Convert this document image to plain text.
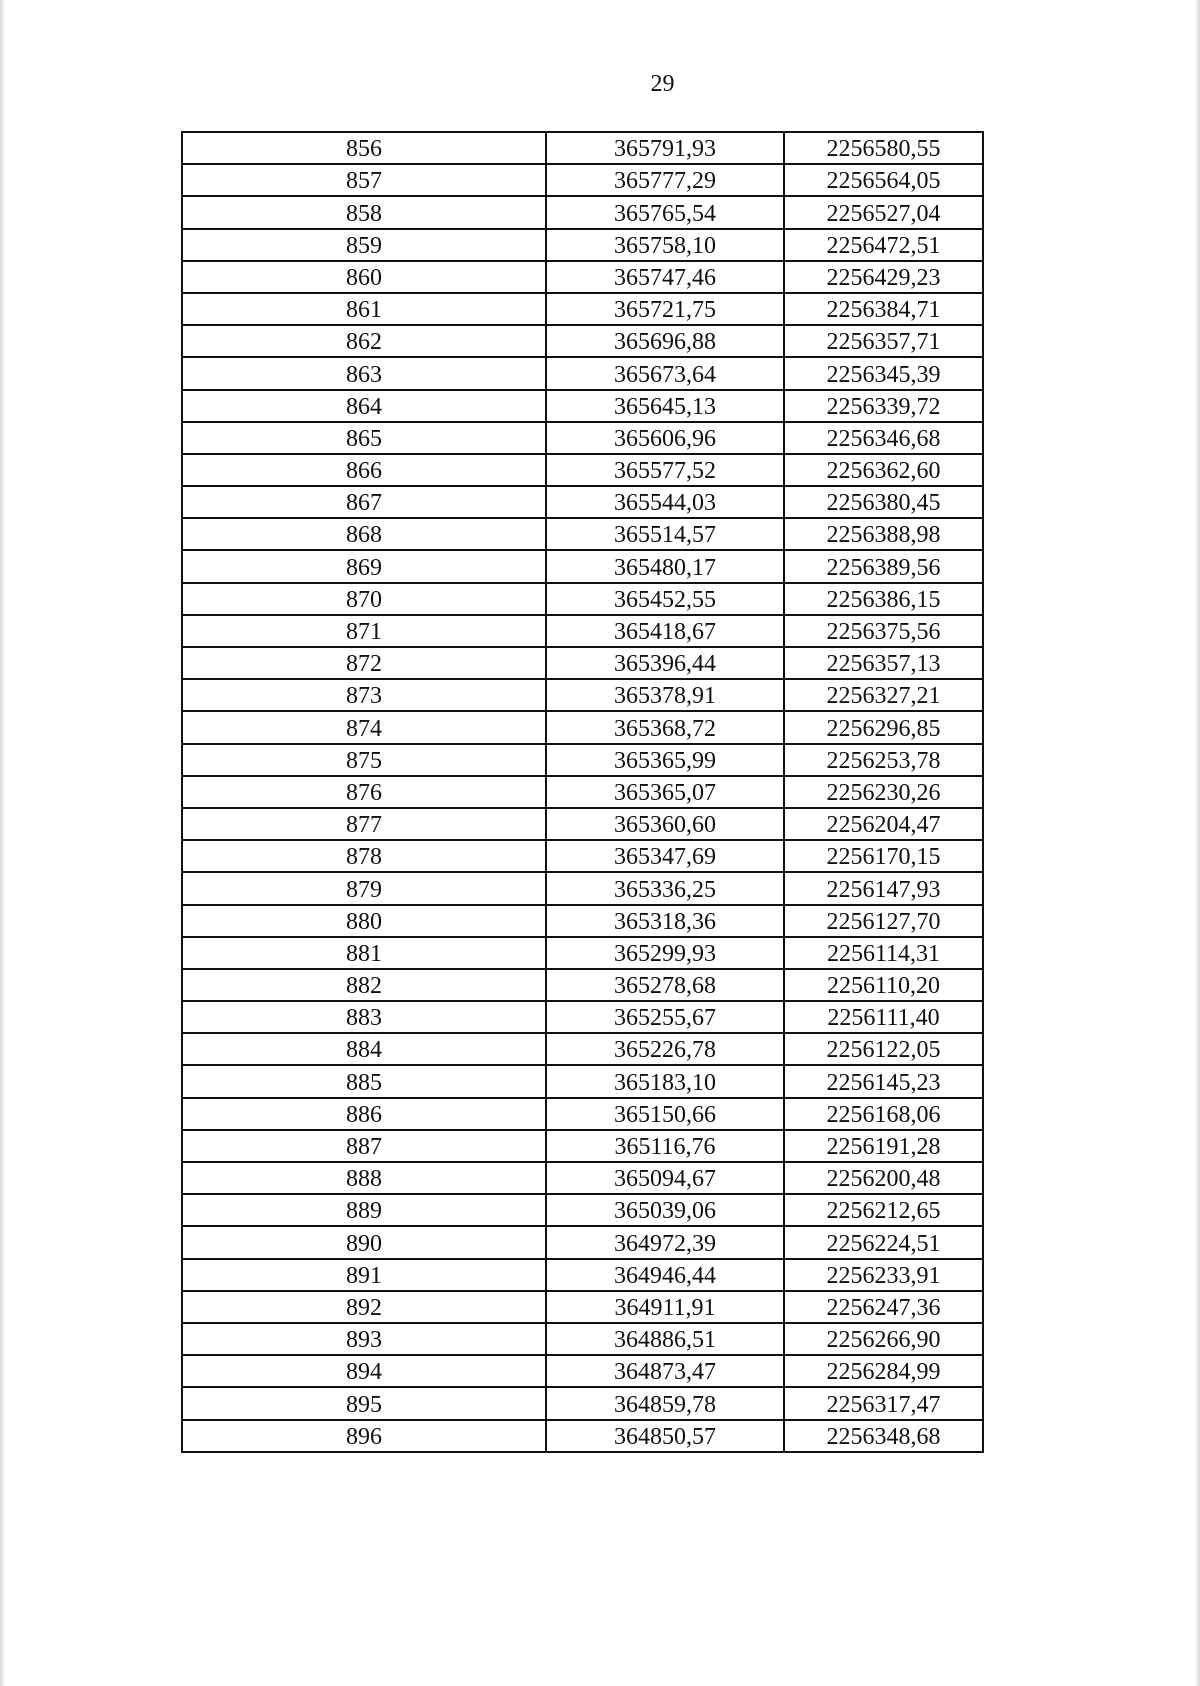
29
856	365791,93	2256580,55
857	365777,29	2256564,05
858	365765,54	2256527,04
859	365758,10	2256472,51
860	365747,46	2256429,23
861	365721,75	2256384,71
862	365696,88	2256357,71
863	365673,64	2256345,39
864	365645,13	2256339,72
865	365606,96	2256346,68
866	365577,52	2256362,60
867	365544,03	2256380,45
868	365514,57	2256388,98
869	365480,17	2256389,56
870	365452,55	2256386,15
871	365418,67	2256375,56
872	365396,44	2256357,13
873	365378,91	2256327,21
874	365368,72	2256296,85
875	365365,99	2256253,78
876	365365,07	2256230,26
877	365360,60	2256204,47
878	365347,69	2256170,15
879	365336,25	2256147,93
880	365318,36	2256127,70
881	365299,93	2256114,31
882	365278,68	2256110,20
883	365255,67	2256111,40
884	365226,78	2256122,05
885	365183,10	2256145,23
886	365150,66	2256168,06
887	365116,76	2256191,28
888	365094,67	2256200,48
889	365039,06	2256212,65
890	364972,39	2256224,51
891	364946,44	2256233,91
892	364911,91	2256247,36
893	364886,51	2256266,90
894	364873,47	2256284,99
895	364859,78	2256317,47
896	364850,57	2256348,68
